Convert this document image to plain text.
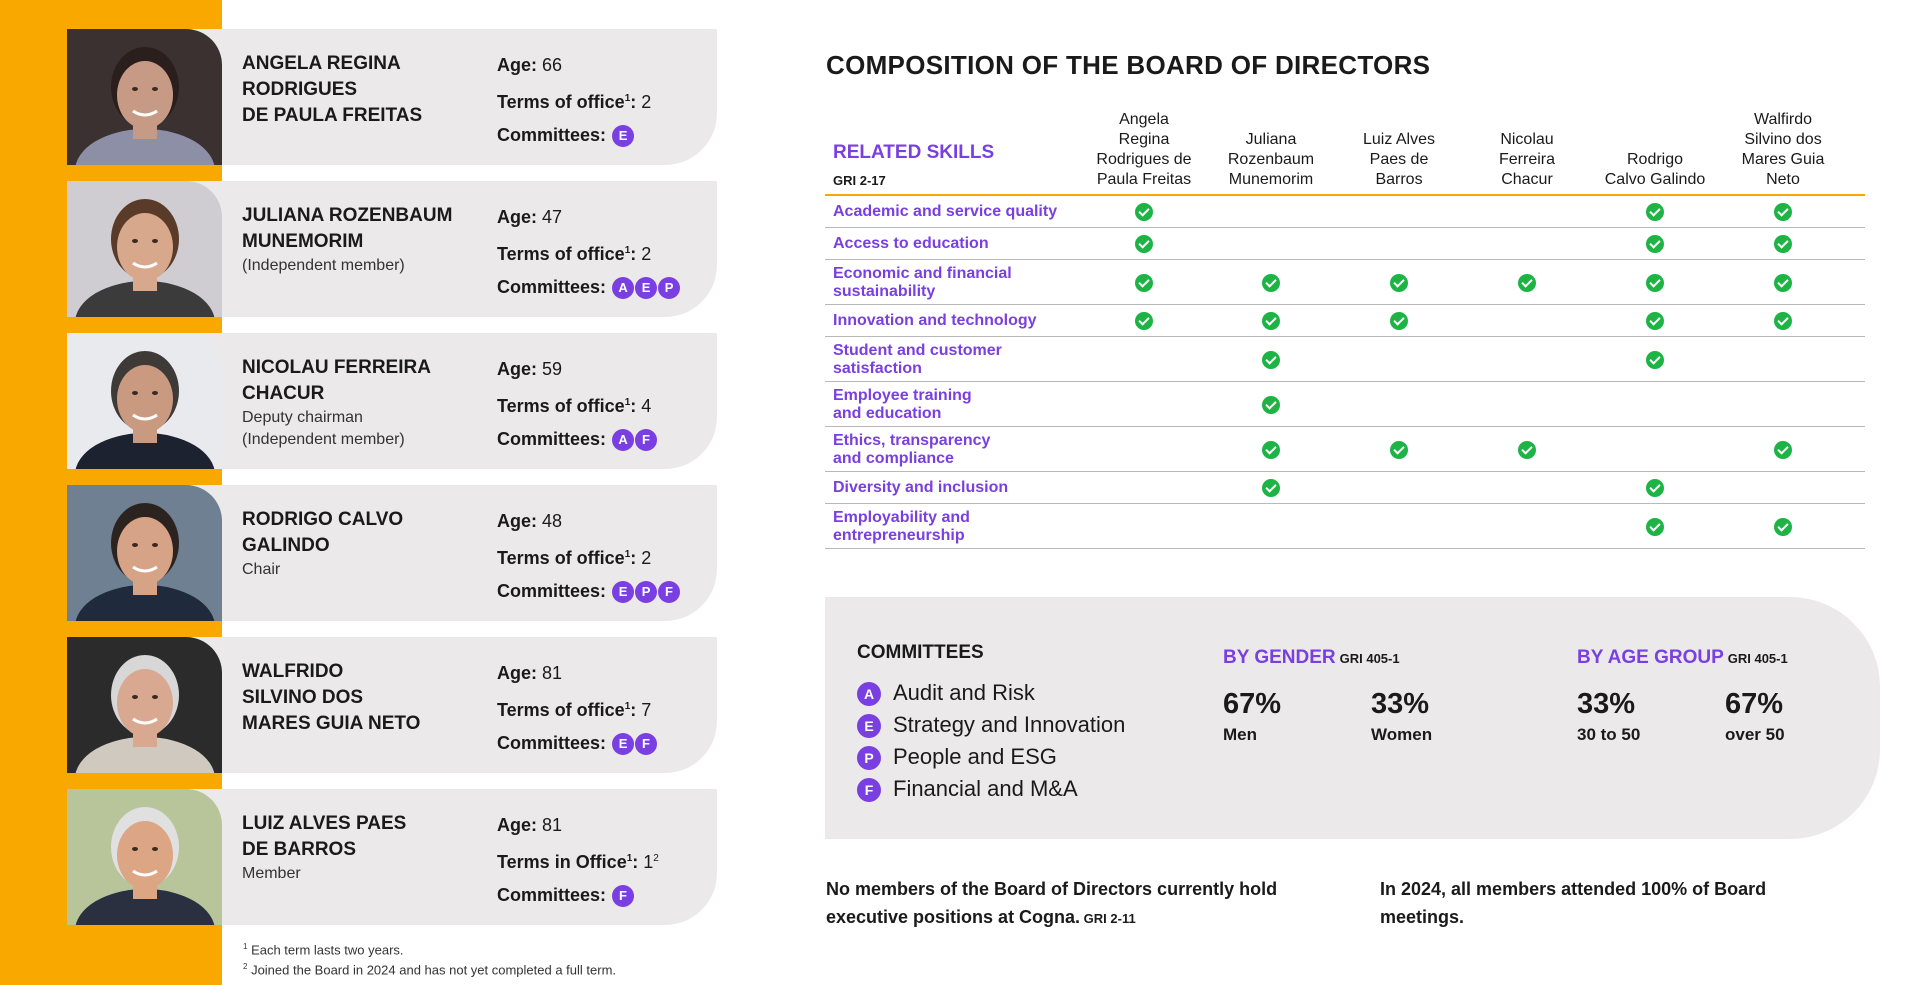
ANGELA REGINA
RODRIGUES
DE PAULA FREITAS
Age: 66
Terms of office$^1$: 2
Committees: E
JULIANA ROZENBAUM
MUNEMORIM
(Independent member)
Age: 47
Terms of office$^1$: 2
Committees: A E P
NICOLAU FERREIRA
CHACUR
Deputy chairman
(Independent member)
Age: 59
Terms of office$^1$: 4
Committees: A F
RODRIGO CALVO
GALINDO
Chair
Age: 48
Terms of office$^1$: 2
Committees: E P F
WALFRIDO
SILVINO DOS
MARES GUIA NETO
Age: 81
Terms of office$^1$: 7
Committees: E F
LUIZ ALVES PAES
DE BARROS
Member
Age: 81
Terms in Office$^1$: $1^2$
Committees: F
$^1$ Each term lasts two years.
$^2$ Joined the Board in 2024 and has not yet completed a full term.
COMPOSITION OF THE BOARD OF DIRECTORS
RELATED SKILLS
GRI 2-17
Angela
Regina
Rodrigues de
Paula Freitas
Juliana
Rozenbaum
Munemorim
Luiz Alves
Paes de
Barros
Nicolau
Ferreira
Chacur
Rodrigo
Calvo Galindo
Walfirdo
Silvino dos
Mares Guia
Neto
Academic and service quality
Access to education
Economic and financial
sustainability
Innovation and technology
Student and customer
satisfaction
Employee training
and education
Ethics, transparency
and compliance
Diversity and inclusion
Employability and
entrepreneurship
COMMITTEES
A Audit and Risk
E Strategy and Innovation
P People and ESG
F Financial and M&A
BY GENDER GRI 405-1
67%
Men
33%
Women
BY AGE GROUP GRI 405-1
33%
30 to 50
67%
over 50
No members of the Board of Directors currently hold
executive positions at Cogna. GRI 2-11
In 2024, all members attended 100% of Board
meetings.
